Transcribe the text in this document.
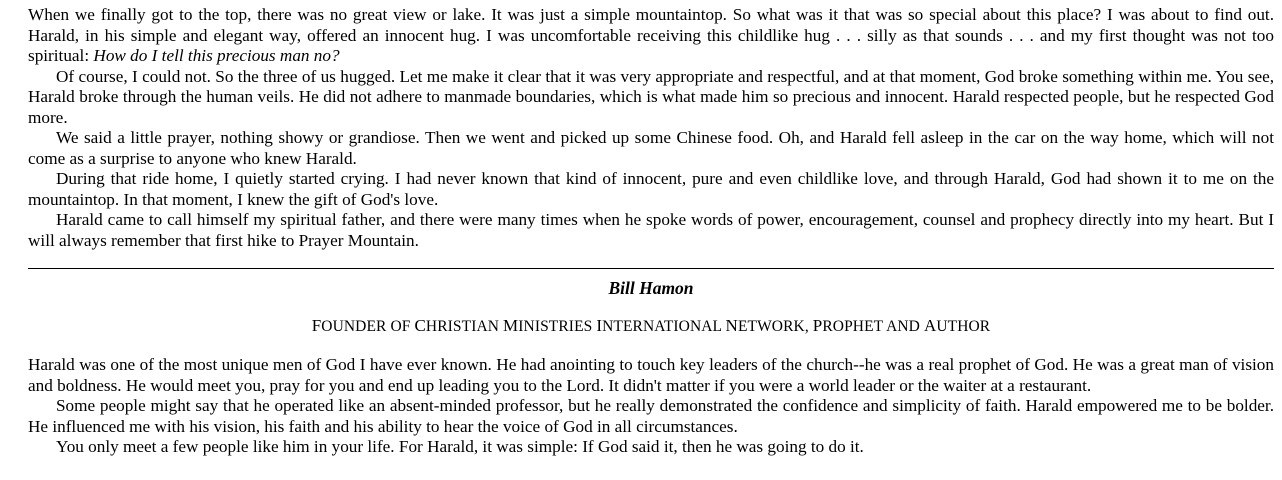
When we finally got to the top, there was no great view or lake. It was just a simple mountaintop. So what was it that was so special about this place? I was about to find out. Harald, in his simple and elegant way, offered an innocent hug. I was uncomfortable receiving this childlike hug . . . silly as that sounds . . . and my first thought was not too spiritual: How do I tell this precious man no?

Of course, I could not. So the three of us hugged. Let me make it clear that it was very appropriate and respectful, and at that moment, God broke something within me. You see, Harald broke through the human veils. He did not adhere to manmade boundaries, which is what made him so precious and innocent. Harald respected people, but he respected God more.

We said a little prayer, nothing showy or grandiose. Then we went and picked up some Chinese food. Oh, and Harald fell asleep in the car on the way home, which will not come as a surprise to anyone who knew Harald.

During that ride home, I quietly started crying. I had never known that kind of innocent, pure and even childlike love, and through Harald, God had shown it to me on the mountaintop. In that moment, I knew the gift of God's love.

Harald came to call himself my spiritual father, and there were many times when he spoke words of power, encouragement, counsel and prophecy directly into my heart. But I will always remember that first hike to Prayer Mountain.

Bill Hamon
FOUNDER OF CHRISTIAN MINISTRIES INTERNATIONAL NETWORK, PROPHET AND AUTHOR

Harald was one of the most unique men of God I have ever known. He had anointing to touch key leaders of the church--he was a real prophet of God. He was a great man of vision and boldness. He would meet you, pray for you and end up leading you to the Lord. It didn't matter if you were a world leader or the waiter at a restaurant.

Some people might say that he operated like an absent-minded professor, but he really demonstrated the confidence and simplicity of faith. Harald empowered me to be bolder. He influenced me with his vision, his faith and his ability to hear the voice of God in all circumstances.

You only meet a few people like him in your life. For Harald, it was simple: If God said it, then he was going to do it.
